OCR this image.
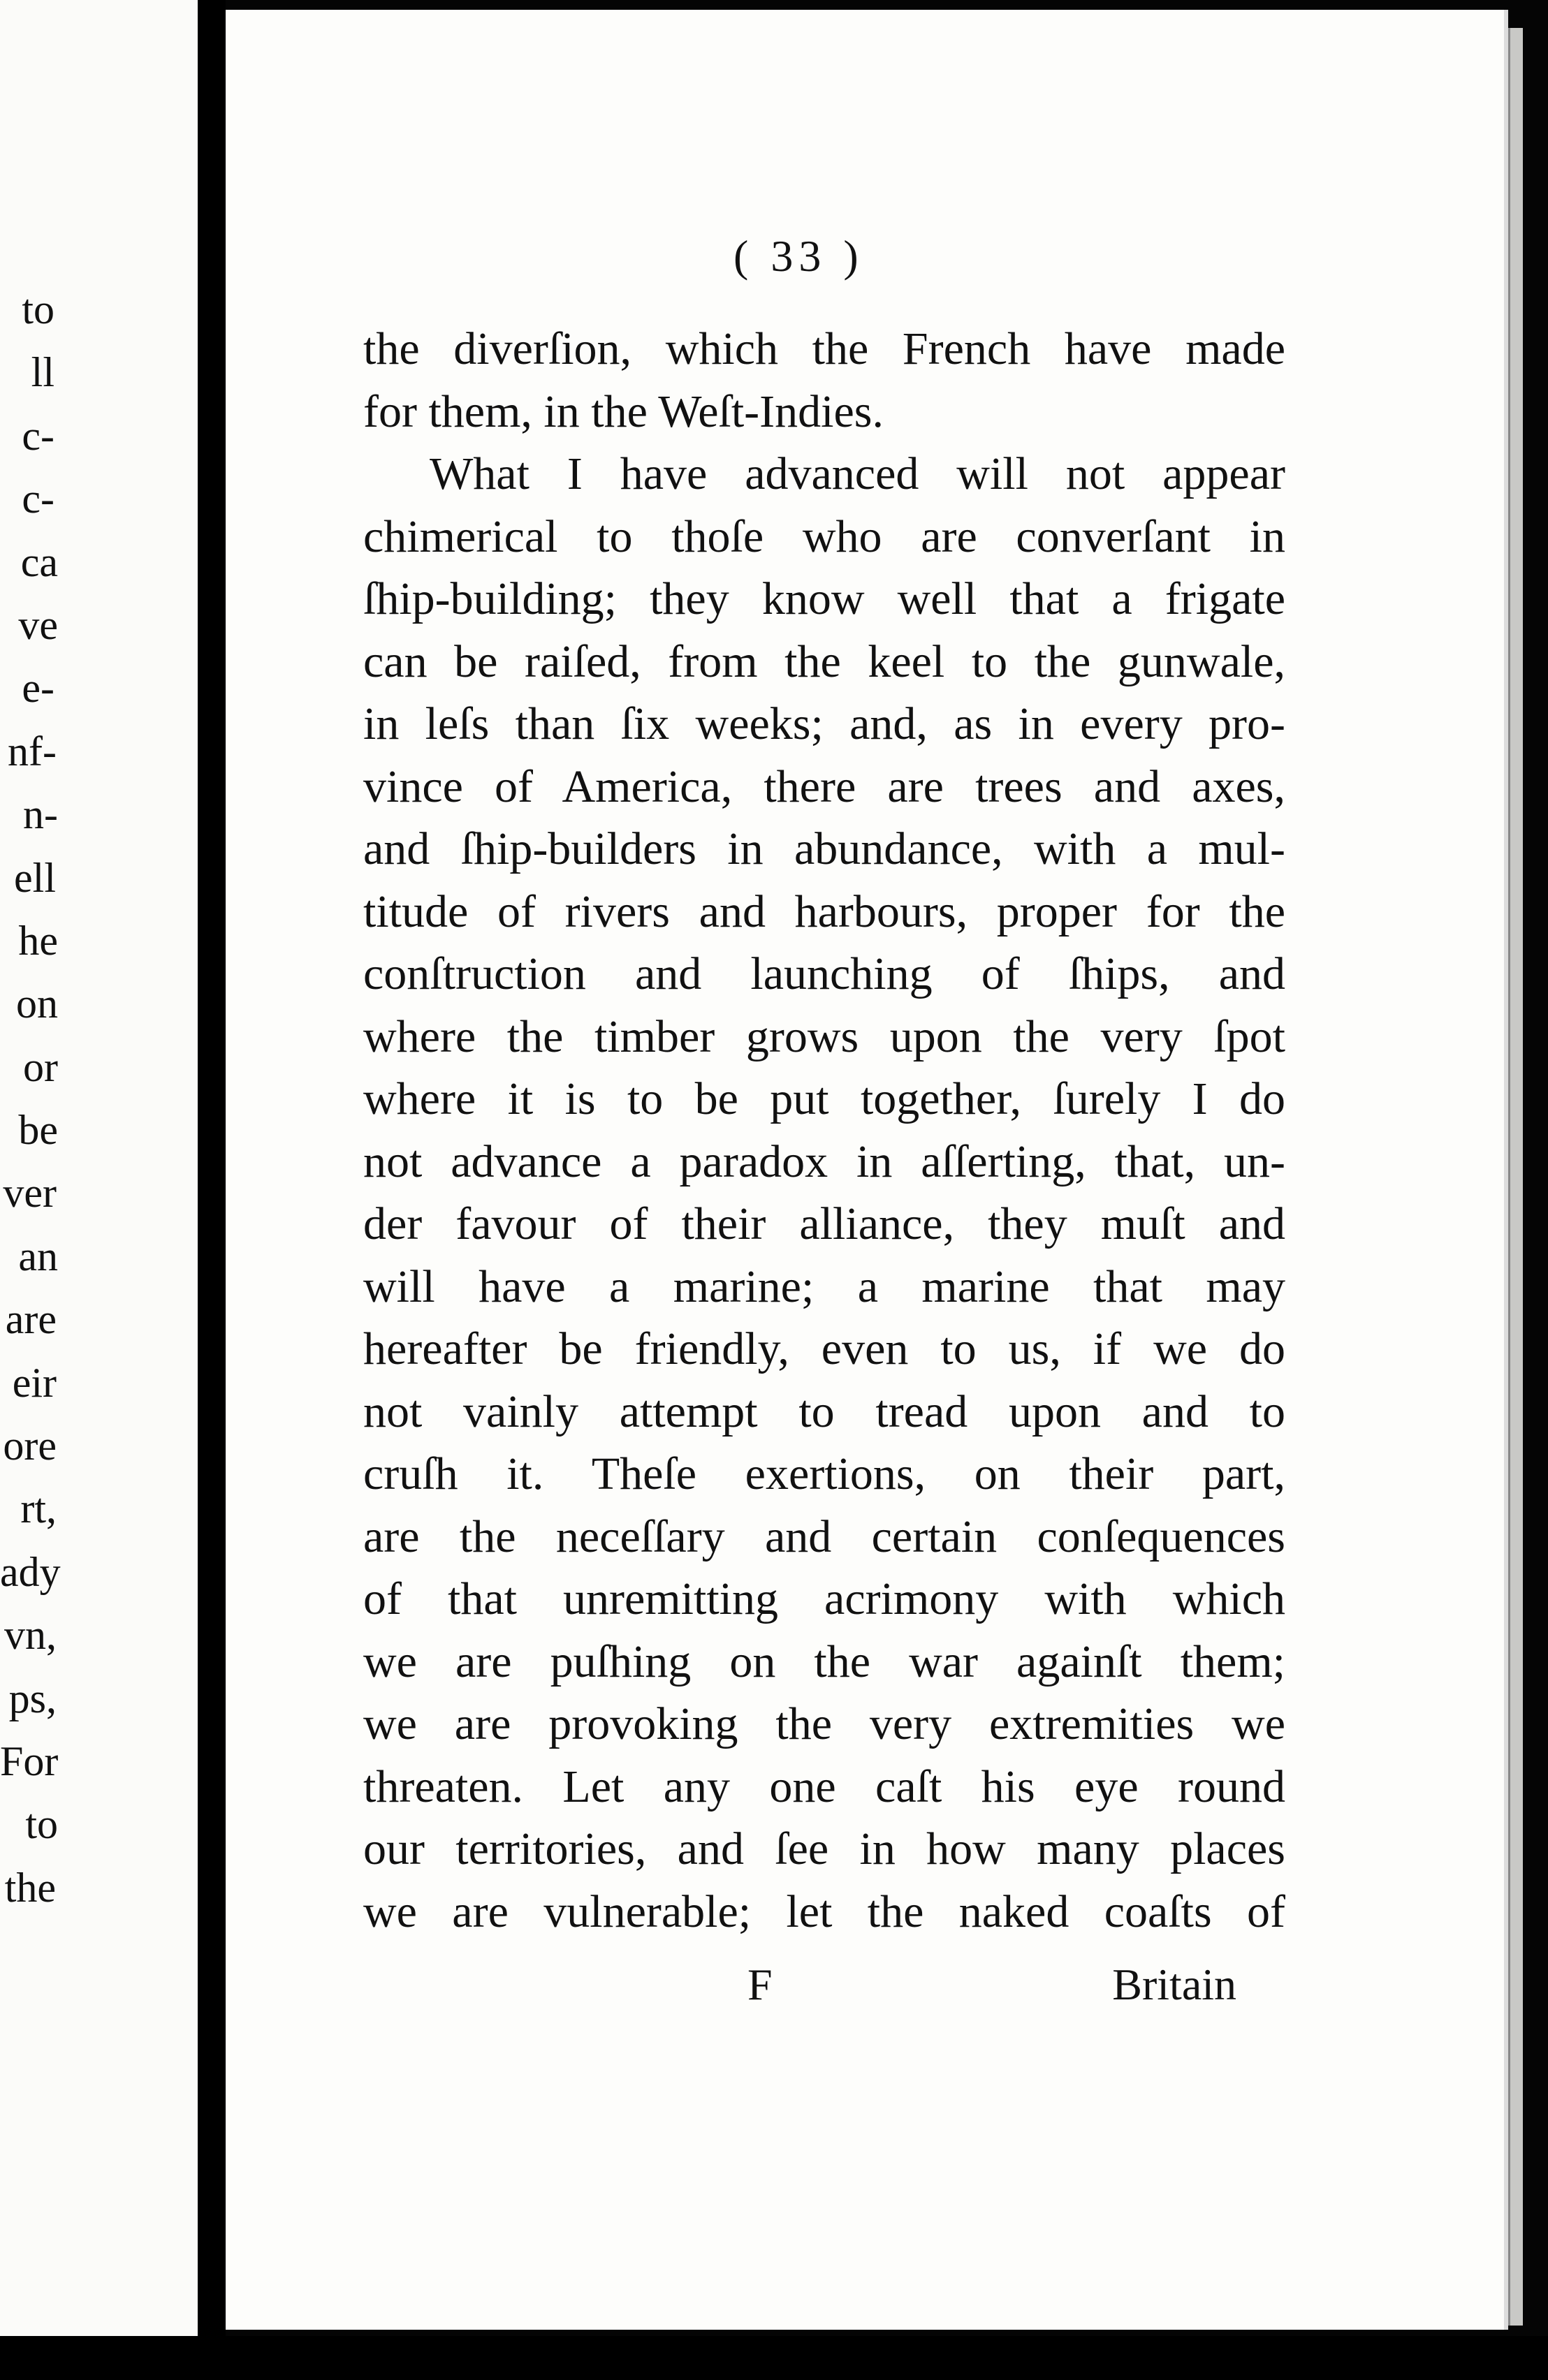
to
ll
c-
c-
ca
ve
e-
nf-
n-
ell
he
on
or
be
ver
an
are
eir
ore
rt,
ady
vn,
ps,
For
to
the
( 33 )
the diverſion, which the French have made
for them, in the Weſt-Indies.
What I have advanced will not appear
chimerical to thoſe who are converſant in
ſhip-building; they know well that a frigate
can be raiſed, from the keel to the gunwale,
in leſs than ſix weeks; and, as in every pro-
vince of America, there are trees and axes,
and ſhip-builders in abundance, with a mul-
titude of rivers and harbours, proper for the
conſtruction and launching of ſhips, and
where the timber grows upon the very ſpot
where it is to be put together, ſurely I do
not advance a paradox in aſſerting, that, un-
der favour of their alliance, they muſt and
will have a marine; a marine that may
hereafter be friendly, even to us, if we do
not vainly attempt to tread upon and to
cruſh it. Theſe exertions, on their part,
are the neceſſary and certain conſequences
of that unremitting acrimony with which
we are puſhing on the war againſt them;
we are provoking the very extremities we
threaten. Let any one caſt his eye round
our territories, and ſee in how many places
we are vulnerable; let the naked coaſts of
F	Britain
